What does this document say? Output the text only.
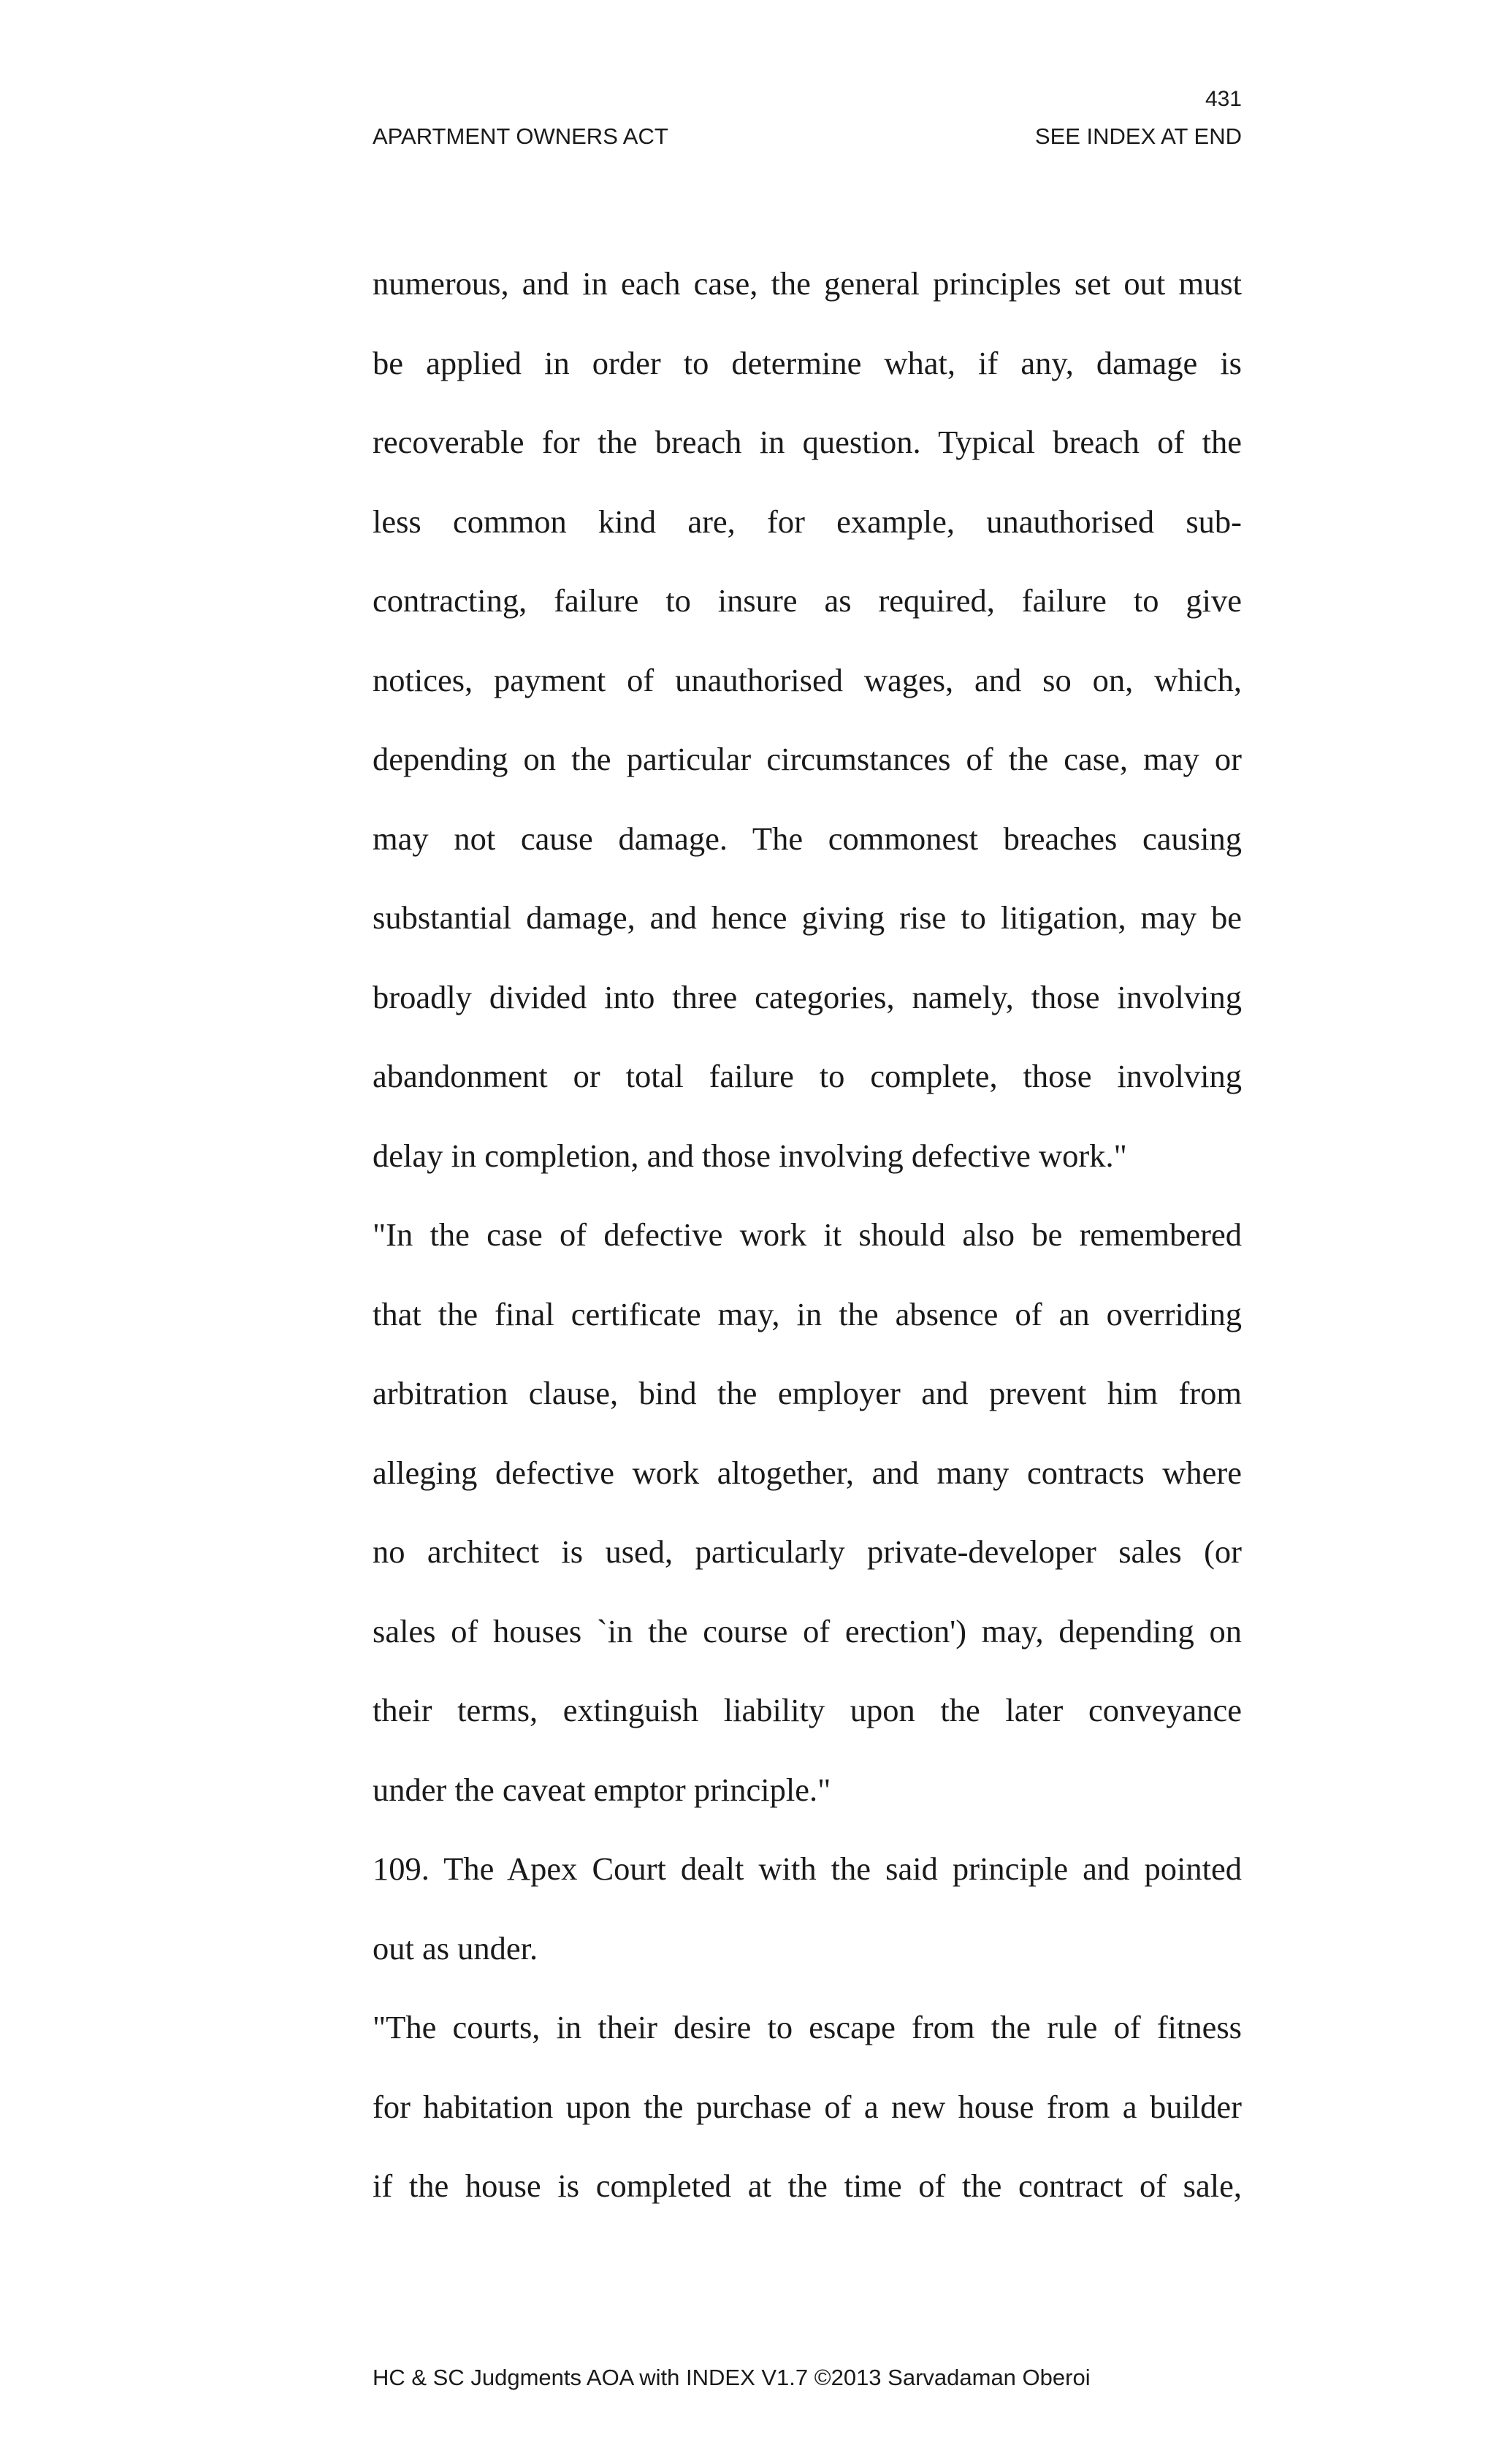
431
APARTMENT OWNERS ACT	SEE INDEX AT END
numerous, and in each case, the general principles set out must
be applied in order to determine what, if any, damage is
recoverable for the breach in question. Typical breach of the
less common kind are, for example, unauthorised sub-
contracting, failure to insure as required, failure to give
notices, payment of unauthorised wages, and so on, which,
depending on the particular circumstances of the case, may or
may not cause damage. The commonest breaches causing
substantial damage, and hence giving rise to litigation, may be
broadly divided into three categories, namely, those involving
abandonment or total failure to complete, those involving
delay in completion, and those involving defective work."
"In the case of defective work it should also be remembered
that the final certificate may, in the absence of an overriding
arbitration clause, bind the employer and prevent him from
alleging defective work altogether, and many contracts where
no architect is used, particularly private-developer sales (or
sales of houses `in the course of erection') may, depending on
their terms, extinguish liability upon the later conveyance
under the caveat emptor principle."
109. The Apex Court dealt with the said principle and pointed
out as under.
"The courts, in their desire to escape from the rule of fitness
for habitation upon the purchase of a new house from a builder
if the house is completed at the time of the contract of sale,
HC & SC Judgments AOA with INDEX V1.7 ©2013 Sarvadaman Oberoi
